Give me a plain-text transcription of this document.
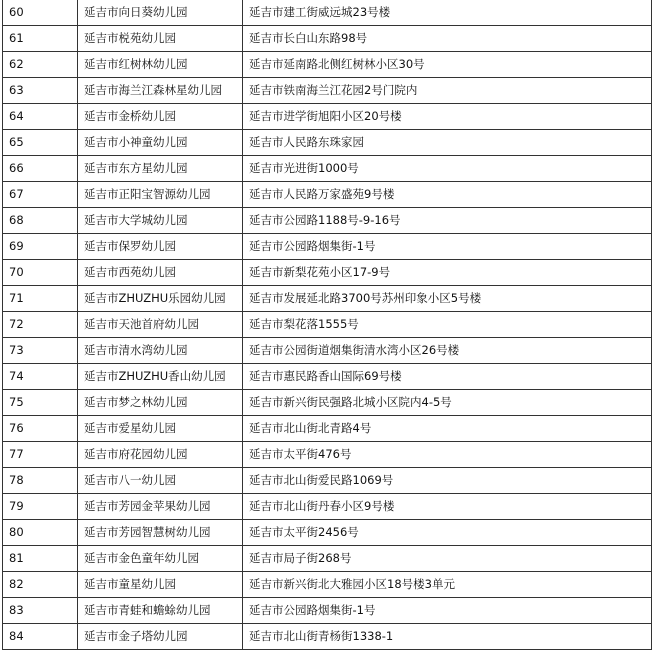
60	延吉市向日葵幼儿园	延吉市建工街威远城23号楼
61	延吉市棁苑幼儿园	延吉市长白山东路98号
62	延吉市红树林幼儿园	延吉市延南路北侧红树林小区30号
63	延吉市海兰江森林星幼儿园	延吉市铁南海兰江花园2号门院内
64	延吉市金桥幼儿园	延吉市进学街旭阳小区20号楼
65	延吉市小神童幼儿园	延吉市人民路东珠家园
66	延吉市东方星幼儿园	延吉市光进街1000号
67	延吉市正阳宝智源幼儿园	延吉市人民路万家盛苑9号楼
68	延吉市大学城幼儿园	延吉市公园路1188号-9-16号
69	延吉市保罗幼儿园	延吉市公园路烟集街-1号
70	延吉市西苑幼儿园	延吉市新梨花苑小区17-9号
71	延吉市ZHUZHU乐园幼儿园	延吉市发展延北路3700号苏州印象小区5号楼
72	延吉市天池首府幼儿园	延吉市梨花落1555号
73	延吉市清水湾幼儿园	延吉市公园街道烟集街清水湾小区26号楼
74	延吉市ZHUZHU香山幼儿园	延吉市惠民路香山国际69号楼
75	延吉市梦之林幼儿园	延吉市新兴街民强路北城小区院内4-5号
76	延吉市爱星幼儿园	延吉市北山街北青路4号
77	延吉市府花园幼儿园	延吉市太平街476号
78	延吉市八一幼儿园	延吉市北山街爱民路1069号
79	延吉市芳园金苹果幼儿园	延吉市北山街丹春小区9号楼
80	延吉市芳园智慧树幼儿园	延吉市太平街2456号
81	延吉市金色童年幼儿园	延吉市局子街268号
82	延吉市童星幼儿园	延吉市新兴街北大雅园小区18号楼3单元
83	延吉市青蛙和蟾蜍幼儿园	延吉市公园路烟集街-1号
84	延吉市金子塔幼儿园	延吉市北山街青杨街1338-1
